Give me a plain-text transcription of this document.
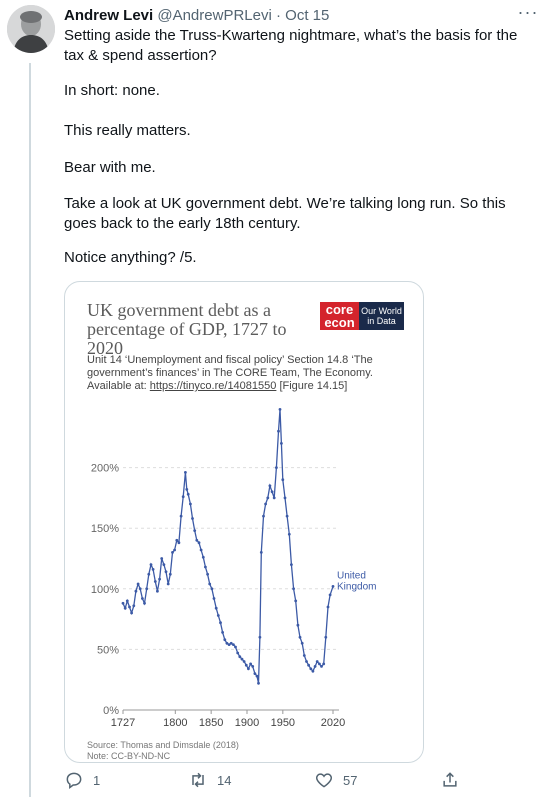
Andrew Levi @AndrewPRLevi · Oct 15	···

Setting aside the Truss-Kwarteng nightmare, what’s the basis for the tax & spend assertion?

In short: none.

This really matters.

Bear with me.

Take a look at UK government debt. We’re talking long run. So this goes back to the early 18th century.

Notice anything? /5.

UK government debt as a percentage of GDP, 1727 to 2020
core
econ
Our World
in Data
Unit 14 ‘Unemployment and fiscal policy’ Section 14.8 ‘The government’s finances’ in The CORE Team, The Economy. Available at: https://tinyco.re/14081550 [Figure 14.15]
0%
50%
100%
150%
200%
1727	1800 1850 1900 1950 2020
United
Kingdom
Source: Thomas and Dimsdale (2018)
Note: CC-BY-ND-NC
1	14	57
